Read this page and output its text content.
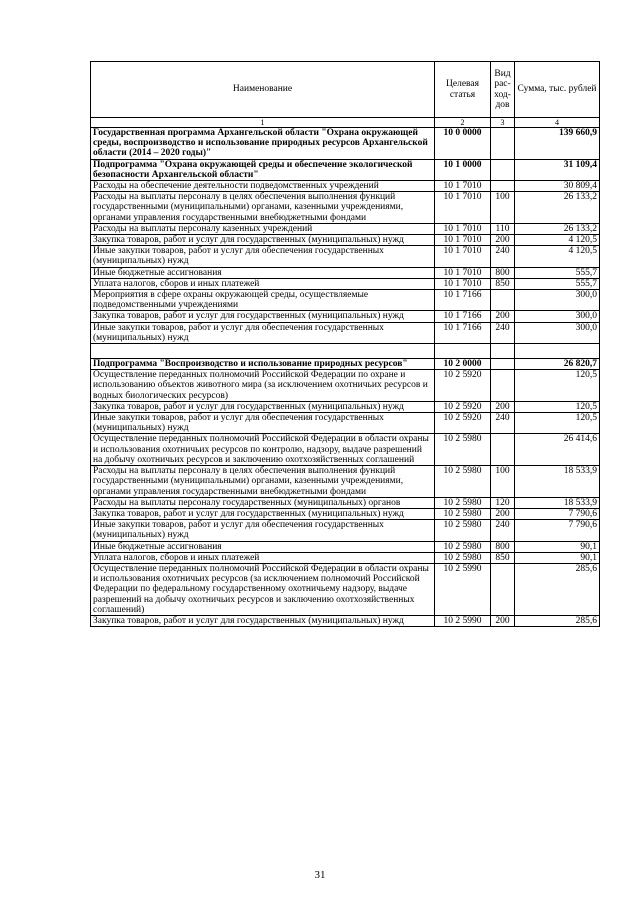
Наименование	Целевая статья	Вид рас-ход-дов	Сумма, тыс. рублей
1	2	3	4
Государственная программа Архангельской области "Охрана окружающей среды, воспроизводство и использование природных ресурсов Архангельской области (2014 – 2020 годы)"	10 0 0000		139 660,9
Подпрограмма "Охрана окружающей среды и обеспечение экологической безопасности Архангельской области"	10 1 0000		31 109,4
Расходы на обеспечение деятельности подведомственных учреждений	10 1 7010		30 809,4
Расходы на выплаты персоналу в целях обеспечения выполнения функций государственными (муниципальными) органами, казенными учреждениями, органами управления государственными внебюджетными фондами	10 1 7010	100	26 133,2
Расходы на выплаты персоналу казенных учреждений	10 1 7010	110	26 133,2
Закупка товаров, работ и услуг для государственных (муниципальных) нужд	10 1 7010	200	4 120,5
Иные закупки товаров, работ и услуг для обеспечения государственных (муниципальных) нужд	10 1 7010	240	4 120,5
Иные бюджетные ассигнования	10 1 7010	800	555,7
Уплата налогов, сборов и иных платежей	10 1 7010	850	555,7
Мероприятия в сфере охраны окружающей среды, осуществляемые подведомственными учреждениями	10 1 7166		300,0
Закупка товаров, работ и услуг для государственных (муниципальных) нужд	10 1 7166	200	300,0
Иные закупки товаров, работ и услуг для обеспечения государственных (муниципальных) нужд	10 1 7166	240	300,0

Подпрограмма "Воспроизводство и использование природных ресурсов"	10 2 0000		26 820,7
Осуществление переданных полномочий Российской Федерации по охране и использованию объектов животного мира (за исключением охотничьих ресурсов и водных биологических ресурсов)	10 2 5920		120,5
Закупка товаров, работ и услуг для государственных (муниципальных) нужд	10 2 5920	200	120,5
Иные закупки товаров, работ и услуг для обеспечения государственных (муниципальных) нужд	10 2 5920	240	120,5
Осуществление переданных полномочий Российской Федерации в области охраны и использования охотничьих ресурсов по контролю, надзору, выдаче разрешений на добычу охотничьих ресурсов и заключению охотхозяйственных соглашений	10 2 5980		26 414,6
Расходы на выплаты персоналу в целях обеспечения выполнения функций государственными (муниципальными) органами, казенными учреждениями, органами управления государственными внебюджетными фондами	10 2 5980	100	18 533,9
Расходы на выплаты персоналу государственных (муниципальных) органов	10 2 5980	120	18 533,9
Закупка товаров, работ и услуг для государственных (муниципальных) нужд	10 2 5980	200	7 790,6
Иные закупки товаров, работ и услуг для обеспечения государственных (муниципальных) нужд	10 2 5980	240	7 790,6
Иные бюджетные ассигнования	10 2 5980	800	90,1
Уплата налогов, сборов и иных платежей	10 2 5980	850	90,1
Осуществление переданных полномочий Российской Федерации в области охраны и использования охотничьих ресурсов (за исключением полномочий Российской Федерации по федеральному государственному охотничьему надзору, выдаче разрешений на добычу охотничьих ресурсов и заключению охотхозяйственных соглашений)	10 2 5990		285,6
Закупка товаров, работ и услуг для государственных (муниципальных) нужд	10 2 5990	200	285,6
31
